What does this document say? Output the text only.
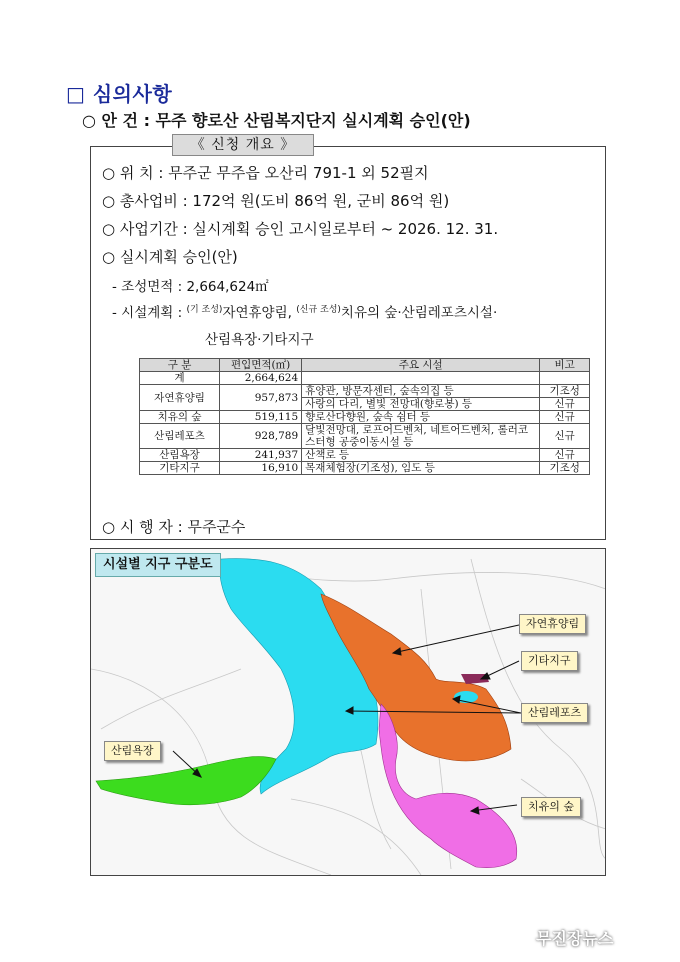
□ 심의사항
○ 안 건 : 무주 향로산 산림복지단지 실시계획 승인(안)
《 신청 개요 》
○ 위 치 : 무주군 무주읍 오산리 791-1 외 52필지
○ 총사업비 : 172억 원(도비 86억 원, 군비 86억 원)
○ 사업기간 : 실시계획 승인 고시일로부터 ~ 2026. 12. 31.
○ 실시계획 승인(안)
- 조성면적 : 2,664,624㎡
- 시설계획 : $^{(기 조성)}$자연휴양림, $^{(신규 조성)}$치유의 숲·산림레포츠시설·
산림욕장·기타지구
구 분	편입면적(㎡)	주요 시설	비고
계	2,664,624		
자연휴양림	957,873	휴양관, 방문자센터, 숲속의집 등	기조성
		사랑의 다리, 별빛 전망대(향로봉) 등	신규
치유의 숲	519,115	향로산다향원, 숲속 쉼터 등	신규
산림레포츠	928,789	달빛전망대, 로프어드벤처, 네트어드벤처, 롤러코스터형 공중이동시설 등	신규
산림욕장	241,937	산책로 등	신규
기타지구	16,910	목재체험장(기조성), 임도 등	기조성
○ 시 행 자 : 무주군수
시설별 지구 구분도
자연휴양림
기타지구
산림레포츠
산림욕장
치유의 숲
무진장뉴스
